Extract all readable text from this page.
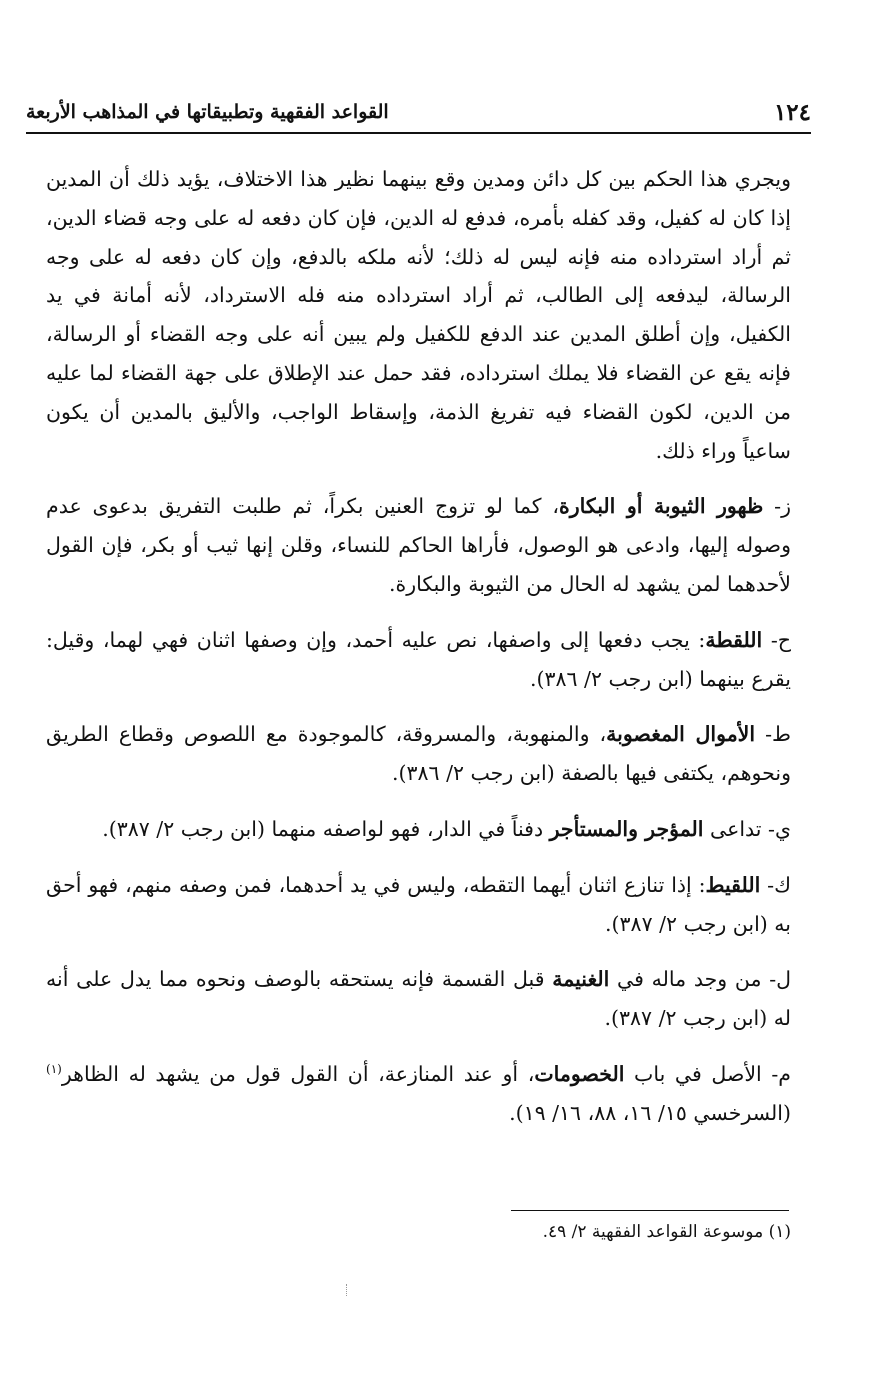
١٢٤
القواعد الفقهية وتطبيقاتها في المذاهب الأربعة

ويجري هذا الحكم بين كل دائن ومدين وقع بينهما نظير هذا الاختلاف، يؤيد ذلك أن المدين إذا كان له كفيل، وقد كفله بأمره، فدفع له الدين، فإن كان دفعه له على وجه قضاء الدين، ثم أراد استرداده منه فإنه ليس له ذلك؛ لأنه ملكه بالدفع، وإن كان دفعه له على وجه الرسالة، ليدفعه إلى الطالب، ثم أراد استرداده منه فله الاسترداد، لأنه أمانة في يد الكفيل، وإن أطلق المدين عند الدفع للكفيل ولم يبين أنه على وجه القضاء أو الرسالة، فإنه يقع عن القضاء فلا يملك استرداده، فقد حمل عند الإطلاق على جهة القضاء لما عليه من الدين، لكون القضاء فيه تفريغ الذمة، وإسقاط الواجب، والأليق بالمدين أن يكون ساعياً وراء ذلك.

ز- ظهور الثيوبة أو البكارة، كما لو تزوج العنين بكراً، ثم طلبت التفريق بدعوى عدم وصوله إليها، وادعى هو الوصول، فأراها الحاكم للنساء، وقلن إنها ثيب أو بكر، فإن القول لأحدهما لمن يشهد له الحال من الثيوبة والبكارة.

ح- اللقطة: يجب دفعها إلى واصفها، نص عليه أحمد، وإن وصفها اثنان فهي لهما، وقيل: يقرع بينهما (ابن رجب ٢/ ٣٨٦).

ط- الأموال المغصوبة، والمنهوبة، والمسروقة، كالموجودة مع اللصوص وقطاع الطريق ونحوهم، يكتفى فيها بالصفة (ابن رجب ٢/ ٣٨٦).

ي- تداعى المؤجر والمستأجر دفناً في الدار، فهو لواصفه منهما (ابن رجب ٢/ ٣٨٧).

ك- اللقيط: إذا تنازع اثنان أيهما التقطه، وليس في يد أحدهما، فمن وصفه منهم، فهو أحق به (ابن رجب ٢/ ٣٨٧).

ل- من وجد ماله في الغنيمة قبل القسمة فإنه يستحقه بالوصف ونحوه مما يدل على أنه له (ابن رجب ٢/ ٣٨٧).

م- الأصل في باب الخصومات، أو عند المنازعة، أن القول قول من يشهد له الظاهر$^{(١)}$ (السرخسي ١٥/ ١٦، ٨٨، ١٦/ ١٩).

(١) موسوعة القواعد الفقهية ٢/ ٤٩.
